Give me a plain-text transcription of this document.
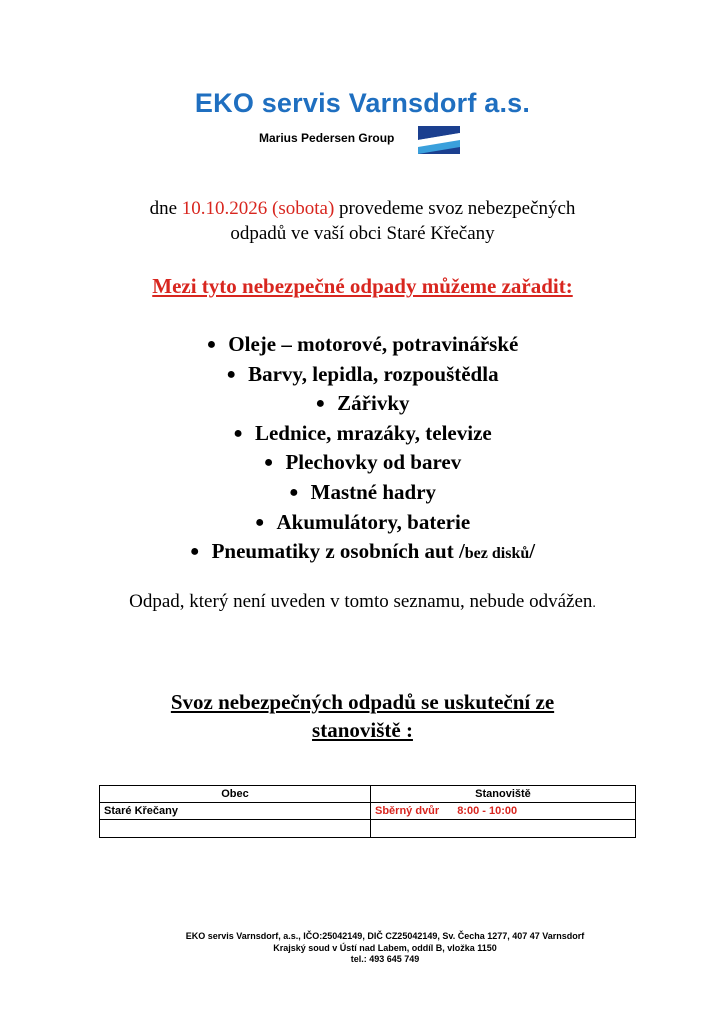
EKO servis Varnsdorf a.s.
Marius Pedersen Group
dne 10.10.2026 (sobota) provedeme svoz nebezpečných
odpadů ve vaší obci Staré Křečany
Mezi tyto nebezpečné odpady můžeme zařadit:
● Oleje – motorové, potravinářské
● Barvy, lepidla, rozpouštědla
● Zářivky
● Lednice, mrazáky, televize
● Plechovky od barev
● Mastné hadry
● Akumulátory, baterie
● Pneumatiky z osobních aut /bez disků/
Odpad, který není uveden v tomto seznamu, nebude odvážen.
Svoz nebezpečných odpadů se uskuteční ze
stanoviště :
Obec	Stanoviště
Staré Křečany	Sběrný dvůr 8:00 - 10:00

EKO servis Varnsdorf, a.s., IČO:25042149, DIČ CZ25042149, Sv. Čecha 1277, 407 47 Varnsdorf
Krajský soud v Ústí nad Labem, oddíl B, vložka 1150
tel.: 493 645 749
